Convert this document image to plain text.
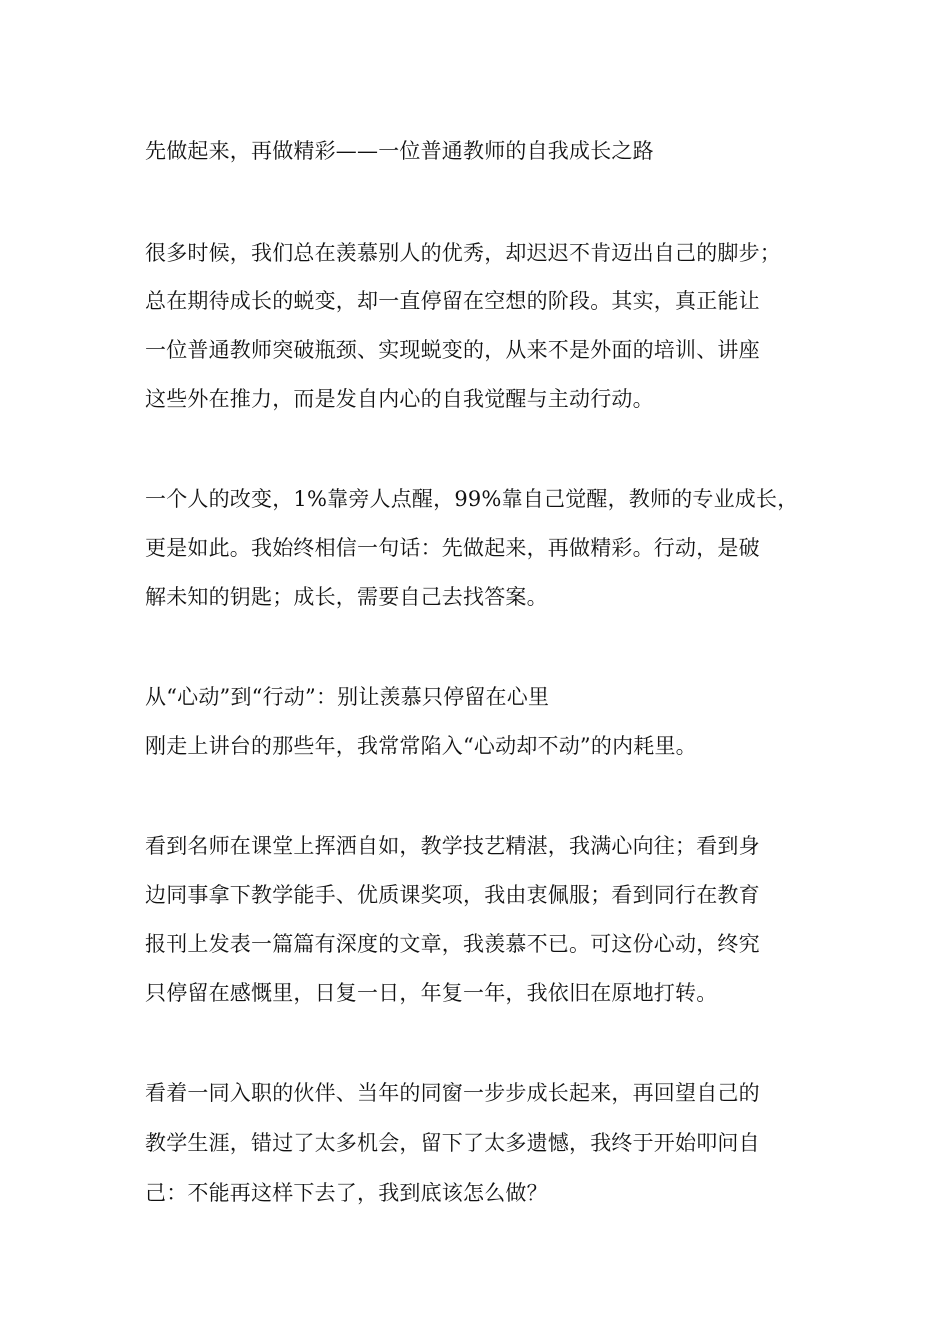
先做起来，再做精彩——一位普通教师的自我成长之路

很多时候，我们总在羡慕别人的优秀，却迟迟不肯迈出自己的脚步；

总在期待成长的蜕变，却一直停留在空想的阶段。其实，真正能让

一位普通教师突破瓶颈、实现蜕变的，从来不是外面的培训、讲座

这些外在推力，而是发自内心的自我觉醒与主动行动。

一个人的改变，1%靠旁人点醒，99%靠自己觉醒，教师的专业成长，

更是如此。我始终相信一句话：先做起来，再做精彩。行动，是破

解未知的钥匙；成长，需要自己去找答案。

从“心动”到“行动”：别让羡慕只停留在心里

刚走上讲台的那些年，我常常陷入“心动却不动”的内耗里。

看到名师在课堂上挥洒自如，教学技艺精湛，我满心向往；看到身

边同事拿下教学能手、优质课奖项，我由衷佩服；看到同行在教育

报刊上发表一篇篇有深度的文章，我羡慕不已。可这份心动，终究

只停留在感慨里，日复一日，年复一年，我依旧在原地打转。

看着一同入职的伙伴、当年的同窗一步步成长起来，再回望自己的

教学生涯，错过了太多机会，留下了太多遗憾，我终于开始叩问自

己：不能再这样下去了，我到底该怎么做？
